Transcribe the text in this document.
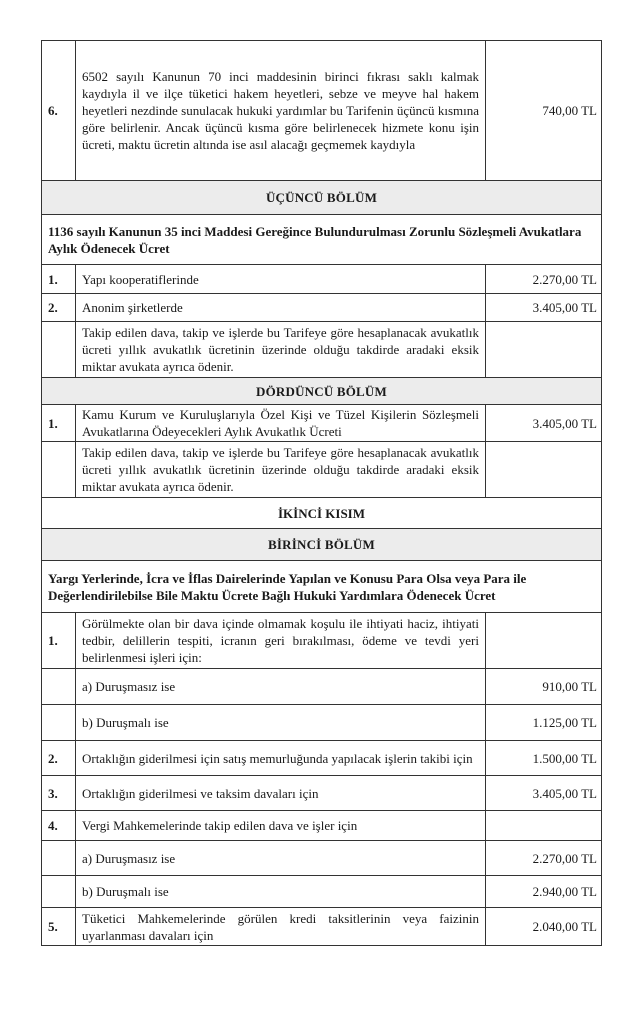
6.	6502 sayılı Kanunun 70 inci maddesinin birinci fıkrası saklı kalmak kaydıyla il ve ilçe tüketici hakem heyetleri, sebze ve meyve hal hakem heyetleri nezdinde sunulacak hukuki yardımlar bu Tarifenin üçüncü kısmına göre belirlenir. Ancak üçüncü kısma göre belirlenecek hizmete konu işin ücreti, maktu ücretin altında ise asıl alacağı geçmemek kaydıyla	740,00 TL
ÜÇÜNCÜ BÖLÜM		
1136 sayılı Kanunun 35 inci Maddesi Gereğince Bulundurulması Zorunlu Sözleşmeli Avukatlara Aylık Ödenecek Ücret		
1.	Yapı kooperatiflerinde	2.270,00 TL
2.	Anonim şirketlerde	3.405,00 TL
	Takip edilen dava, takip ve işlerde bu Tarifeye göre hesaplanacak avukatlık ücreti yıllık avukatlık ücretinin üzerinde olduğu takdirde aradaki eksik miktar avukata ayrıca ödenir.	
DÖRDÜNCÜ BÖLÜM		
1.	Kamu Kurum ve Kuruluşlarıyla Özel Kişi ve Tüzel Kişilerin Sözleşmeli Avukatlarına Ödeyecekleri Aylık Avukatlık Ücreti	3.405,00 TL
	Takip edilen dava, takip ve işlerde bu Tarifeye göre hesaplanacak avukatlık ücreti yıllık avukatlık ücretinin üzerinde olduğu takdirde aradaki eksik miktar avukata ayrıca ödenir.	
İKİNCİ KISIM		
BİRİNCİ BÖLÜM		
Yargı Yerlerinde, İcra ve İflas Dairelerinde Yapılan ve Konusu Para Olsa veya Para ile Değerlendirilebilse Bile Maktu Ücrete Bağlı Hukuki Yardımlara Ödenecek Ücret		
1.	Görülmekte olan bir dava içinde olmamak koşulu ile ihtiyati haciz, ihtiyati tedbir, delillerin tespiti, icranın geri bırakılması, ödeme ve tevdi yeri belirlenmesi işleri için:	
	a) Duruşmasız ise	910,00 TL
	b) Duruşmalı ise	1.125,00 TL
2.	Ortaklığın giderilmesi için satış memurluğunda yapılacak işlerin takibi için	1.500,00 TL
3.	Ortaklığın giderilmesi ve taksim davaları için	3.405,00 TL
4.	Vergi Mahkemelerinde takip edilen dava ve işler için	
	a) Duruşmasız ise	2.270,00 TL
	b) Duruşmalı ise	2.940,00 TL
5.	Tüketici Mahkemelerinde görülen kredi taksitlerinin veya faizinin uyarlanması davaları için	2.040,00 TL
